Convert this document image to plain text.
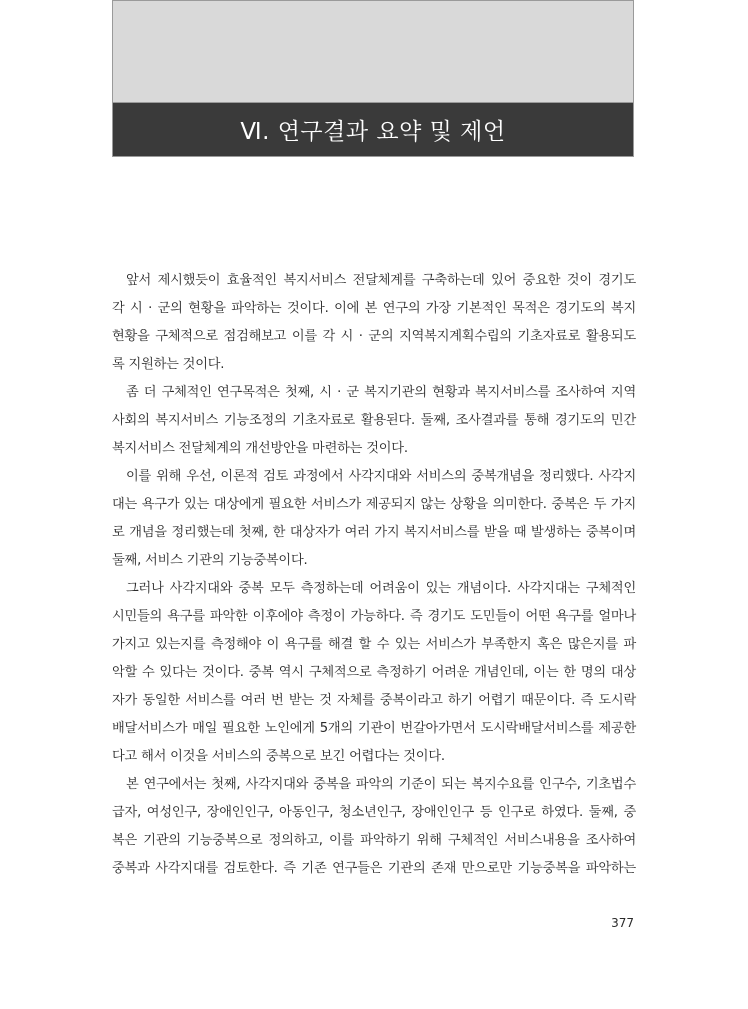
Ⅵ. 연구결과 요약 및 제언
앞서 제시했듯이 효율적인 복지서비스 전달체계를 구축하는데 있어 중요한 것이 경기도
각 시 · 군의 현황을 파악하는 것이다. 이에 본 연구의 가장 기본적인 목적은 경기도의 복지
현황을 구체적으로 점검해보고 이를 각 시 · 군의 지역복지계획수립의 기초자료로 활용되도
록 지원하는 것이다.
좀 더 구체적인 연구목적은 첫째, 시 · 군 복지기관의 현황과 복지서비스를 조사하여 지역
사회의 복지서비스 기능조정의 기초자료로 활용된다. 둘째, 조사결과를 통해 경기도의 민간
복지서비스 전달체계의 개선방안을 마련하는 것이다.
이를 위해 우선, 이론적 검토 과정에서 사각지대와 서비스의 중복개념을 정리했다. 사각지
대는 욕구가 있는 대상에게 필요한 서비스가 제공되지 않는 상황을 의미한다. 중복은 두 가지
로 개념을 정리했는데 첫째, 한 대상자가 여러 가지 복지서비스를 받을 때 발생하는 중복이며
둘째, 서비스 기관의 기능중복이다.
그러나 사각지대와 중복 모두 측정하는데 어려움이 있는 개념이다. 사각지대는 구체적인
시민들의 욕구를 파악한 이후에야 측정이 가능하다. 즉 경기도 도민들이 어떤 욕구를 얼마나
가지고 있는지를 측정해야 이 욕구를 해결 할 수 있는 서비스가 부족한지 혹은 많은지를 파
악할 수 있다는 것이다. 중복 역시 구체적으로 측정하기 어려운 개념인데, 이는 한 명의 대상
자가 동일한 서비스를 여러 번 받는 것 자체를 중복이라고 하기 어렵기 때문이다. 즉 도시락
배달서비스가 매일 필요한 노인에게 5개의 기관이 번갈아가면서 도시락배달서비스를 제공한
다고 해서 이것을 서비스의 중복으로 보긴 어렵다는 것이다.
본 연구에서는 첫째, 사각지대와 중복을 파악의 기준이 되는 복지수요를 인구수, 기초법수
급자, 여성인구, 장애인인구, 아동인구, 청소년인구, 장애인인구 등 인구로 하였다. 둘째, 중
복은 기관의 기능중복으로 정의하고, 이를 파악하기 위해 구체적인 서비스내용을 조사하여
중복과 사각지대를 검토한다. 즉 기존 연구들은 기관의 존재 만으로만 기능중복을 파악하는
377
